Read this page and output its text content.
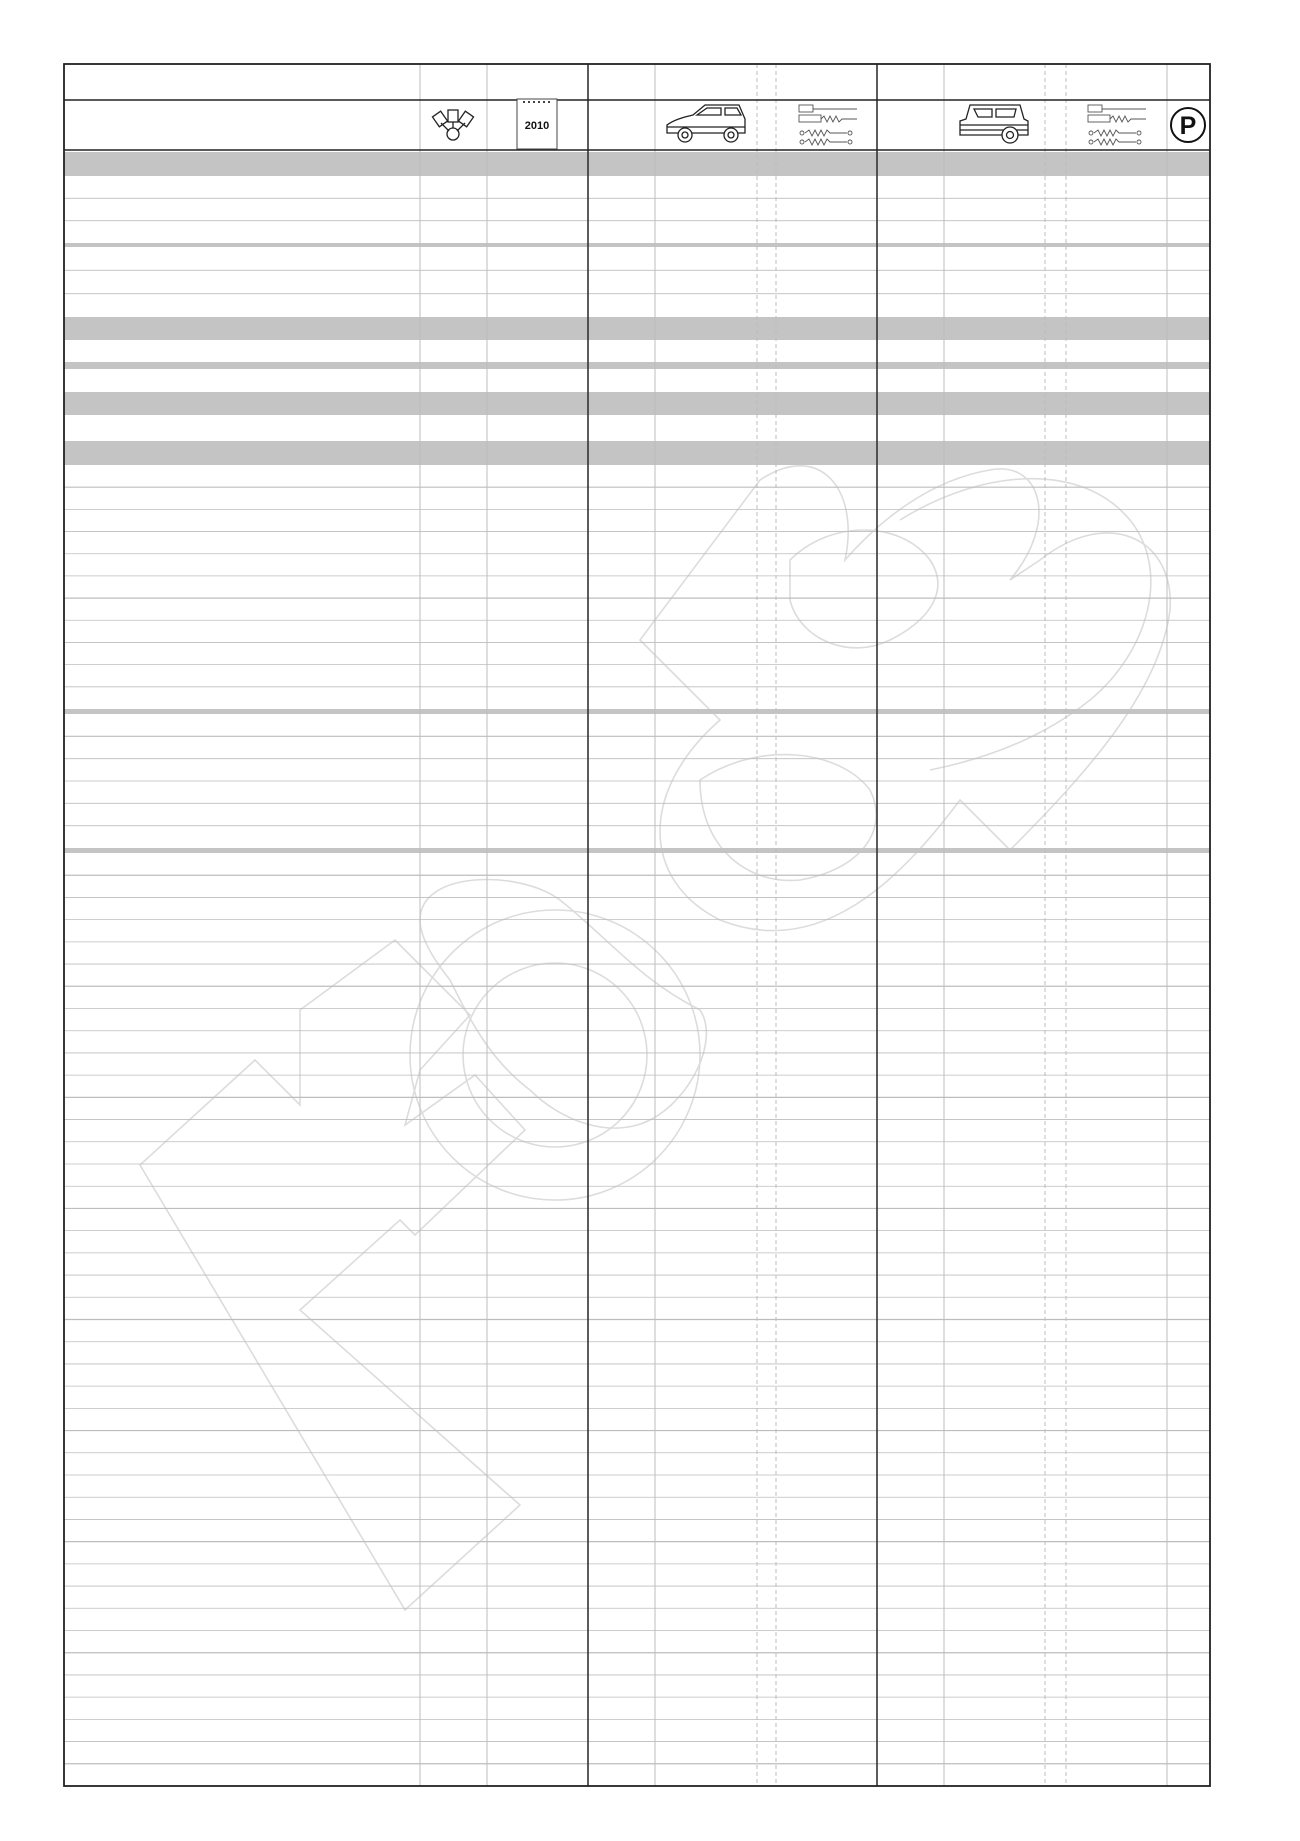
2010	P
